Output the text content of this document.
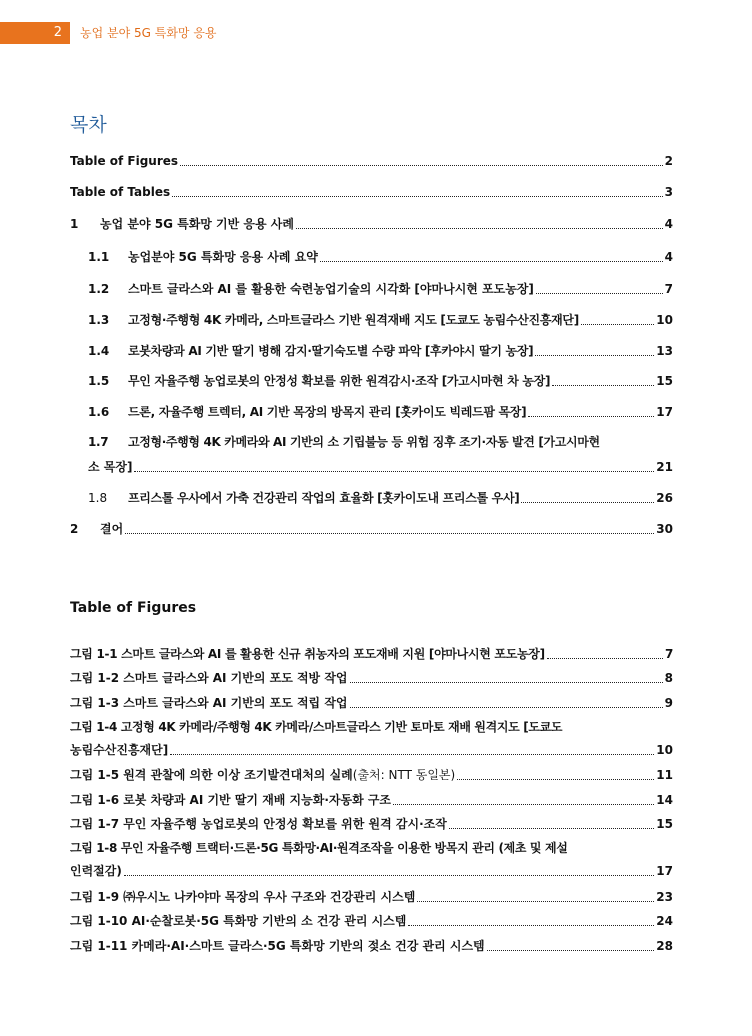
2	농업 분야 5G 특화망 응용
목차
Table of Figures	2
Table of Tables	3
1	농업 분야 5G 특화망 기반 응용 사례	4
1.1	농업분야 5G 특화망 응용 사례 요약	4
1.2	스마트 글라스와 AI 를 활용한 숙련농업기술의 시각화 [야마나시현 포도농장]	7
1.3	고정형·주행형 4K 카메라, 스마트글라스 기반 원격재배 지도 [도쿄도 농림수산진흥재단]	10
1.4	로봇차량과 AI 기반 딸기 병해 감지·딸기숙도별 수량 파악 [후카야시 딸기 농장]	13
1.5	무인 자율주행 농업로봇의 안정성 확보를 위한 원격감시·조작 [가고시마현 차 농장]	15
1.6	드론, 자율주행 트렉터, AI 기반 목장의 방목지 관리 [홋카이도 빅레드팜 목장]	17
1.7 고정형·주행형 4K 카메라와 AI 기반의 소 기립불능 등 위험 징후 조기·자동 발견 [가고시마현
소 목장]	21
1.8	프리스톨 우사에서 가축 건강관리 작업의 효율화 [홋카이도내 프리스톨 우사]	26
2	결어	30
Table of Figures
그림 1-1 스마트 글라스와 AI 를 활용한 신규 취농자의 포도재배 지원 [야마나시현 포도농장]	7
그림 1-2 스마트 글라스와 AI 기반의 포도 적방 작업	8
그림 1-3 스마트 글라스와 AI 기반의 포도 적립 작업	9
그림 1-4 고정형 4K 카메라/주행형 4K 카메라/스마트글라스 기반 토마토 재배 원격지도 [도쿄도
농림수산진흥재단]	10
그림 1-5 원격 관찰에 의한 이상 조기발견대처의 실례 (출처: NTT 동일본)	11
그림 1-6 로봇 차량과 AI 기반 딸기 재배 지능화·자동화 구조	14
그림 1-7 무인 자율주행 농업로봇의 안정성 확보를 위한 원격 감시·조작	15
그림 1-8 무인 자율주행 트랙터·드론·5G 특화망·AI·원격조작을 이용한 방목지 관리 (제초 및 제설
인력절감)	17
그림 1-9 ㈜우시노 나카야마 목장의 우사 구조와 건강관리 시스템	23
그림 1-10 AI·순찰로봇·5G 특화망 기반의 소 건강 관리 시스템	24
그림 1-11 카메라·AI·스마트 글라스·5G 특화망 기반의 젖소 건강 관리 시스템	28
